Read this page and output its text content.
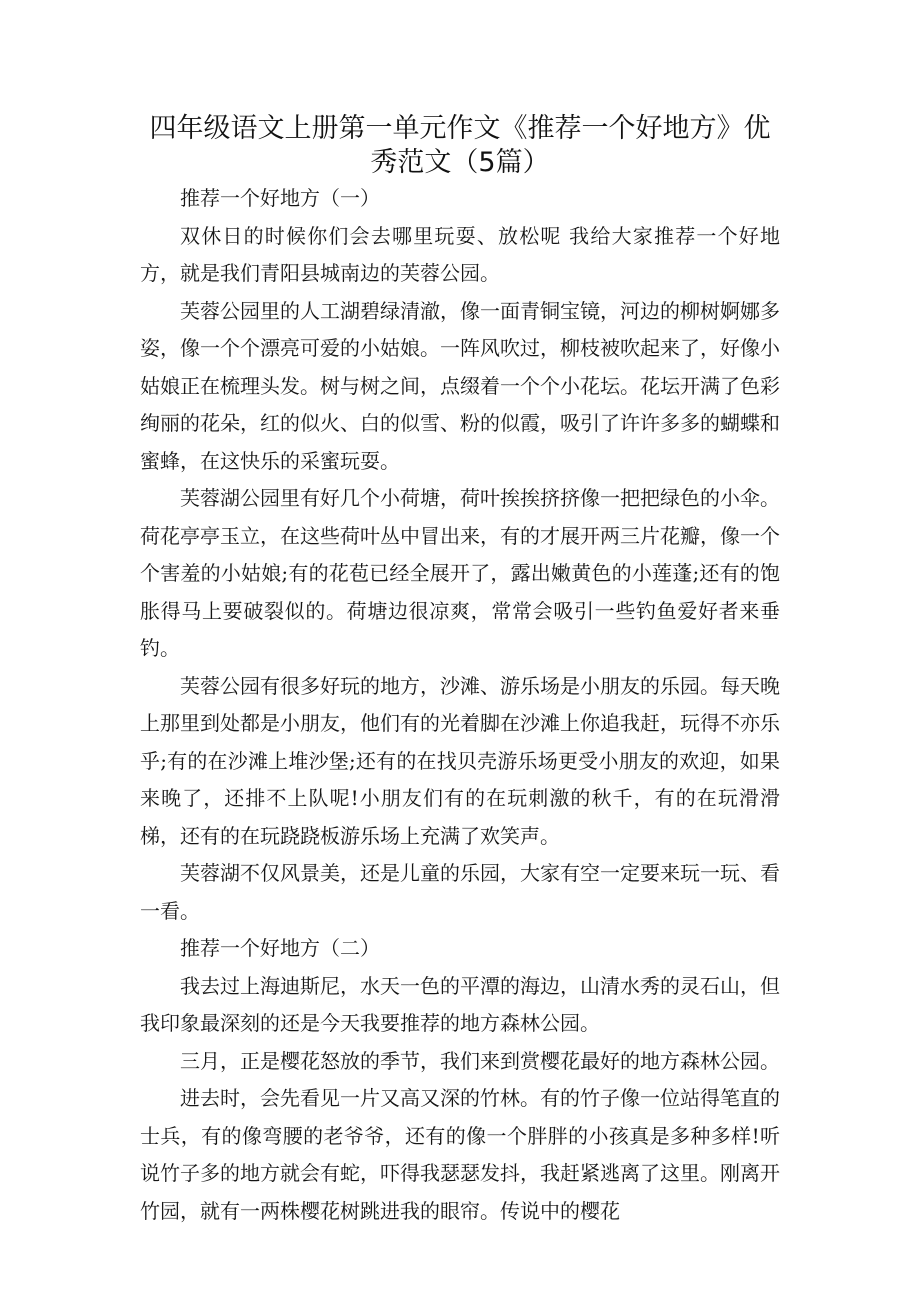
四年级语文上册第一单元作文《推荐一个好地方》优秀范文（5篇）

推荐一个好地方（一）

双休日的时候你们会去哪里玩耍、放松呢 我给大家推荐一个好地方，就是我们青阳县城南边的芙蓉公园。

芙蓉公园里的人工湖碧绿清澈，像一面青铜宝镜，河边的柳树婀娜多姿，像一个个漂亮可爱的小姑娘。一阵风吹过，柳枝被吹起来了，好像小姑娘正在梳理头发。树与树之间，点缀着一个个小花坛。花坛开满了色彩绚丽的花朵，红的似火、白的似雪、粉的似霞，吸引了许许多多的蝴蝶和蜜蜂，在这快乐的采蜜玩耍。

芙蓉湖公园里有好几个小荷塘，荷叶挨挨挤挤像一把把绿色的小伞。荷花亭亭玉立，在这些荷叶丛中冒出来，有的才展开两三片花瓣，像一个个害羞的小姑娘;有的花苞已经全展开了，露出嫩黄色的小莲蓬;还有的饱胀得马上要破裂似的。荷塘边很凉爽，常常会吸引一些钓鱼爱好者来垂钓。

芙蓉公园有很多好玩的地方，沙滩、游乐场是小朋友的乐园。每天晚上那里到处都是小朋友，他们有的光着脚在沙滩上你追我赶，玩得不亦乐乎;有的在沙滩上堆沙堡;还有的在找贝壳游乐场更受小朋友的欢迎，如果来晚了，还排不上队呢!小朋友们有的在玩刺激的秋千，有的在玩滑滑梯，还有的在玩跷跷板游乐场上充满了欢笑声。

芙蓉湖不仅风景美，还是儿童的乐园，大家有空一定要来玩一玩、看一看。

推荐一个好地方（二）

我去过上海迪斯尼，水天一色的平潭的海边，山清水秀的灵石山，但我印象最深刻的还是今天我要推荐的地方森林公园。

三月，正是樱花怒放的季节，我们来到赏樱花最好的地方森林公园。

进去时，会先看见一片又高又深的竹林。有的竹子像一位站得笔直的士兵，有的像弯腰的老爷爷，还有的像一个胖胖的小孩真是多种多样!听说竹子多的地方就会有蛇，吓得我瑟瑟发抖，我赶紧逃离了这里。刚离开竹园，就有一两株樱花树跳进我的眼帘。传说中的樱花
